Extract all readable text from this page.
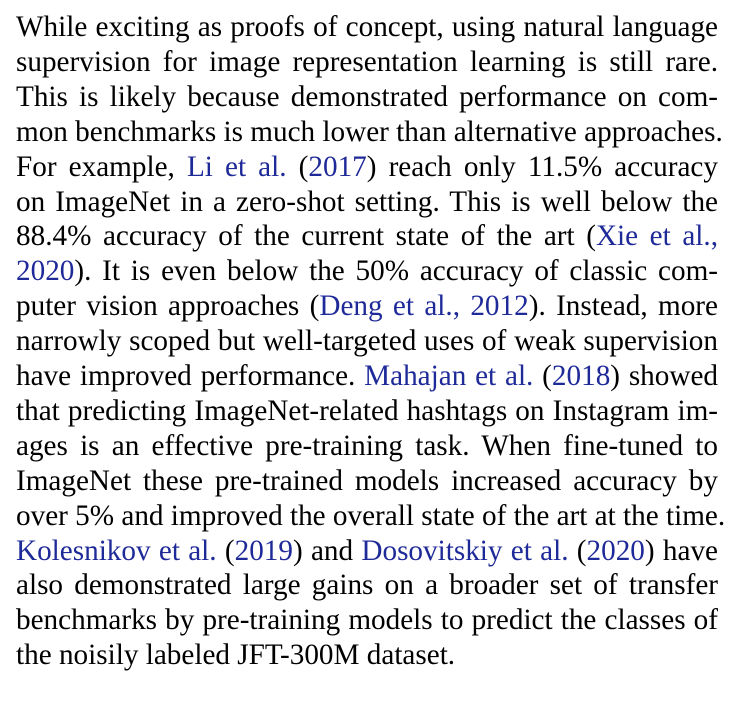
While exciting as proofs of concept, using natural language
supervision for image representation learning is still rare.
This is likely because demonstrated performance on com-
mon benchmarks is much lower than alternative approaches.
For example, Li et al. (2017) reach only 11.5% accuracy
on ImageNet in a zero-shot setting. This is well below the
88.4% accuracy of the current state of the art (Xie et al.,
2020). It is even below the 50% accuracy of classic com-
puter vision approaches (Deng et al., 2012). Instead, more
narrowly scoped but well-targeted uses of weak supervision
have improved performance. Mahajan et al. (2018) showed
that predicting ImageNet-related hashtags on Instagram im-
ages is an effective pre-training task. When fine-tuned to
ImageNet these pre-trained models increased accuracy by
over 5% and improved the overall state of the art at the time.
Kolesnikov et al. (2019) and Dosovitskiy et al. (2020) have
also demonstrated large gains on a broader set of transfer
benchmarks by pre-training models to predict the classes of
the noisily labeled JFT-300M dataset.
